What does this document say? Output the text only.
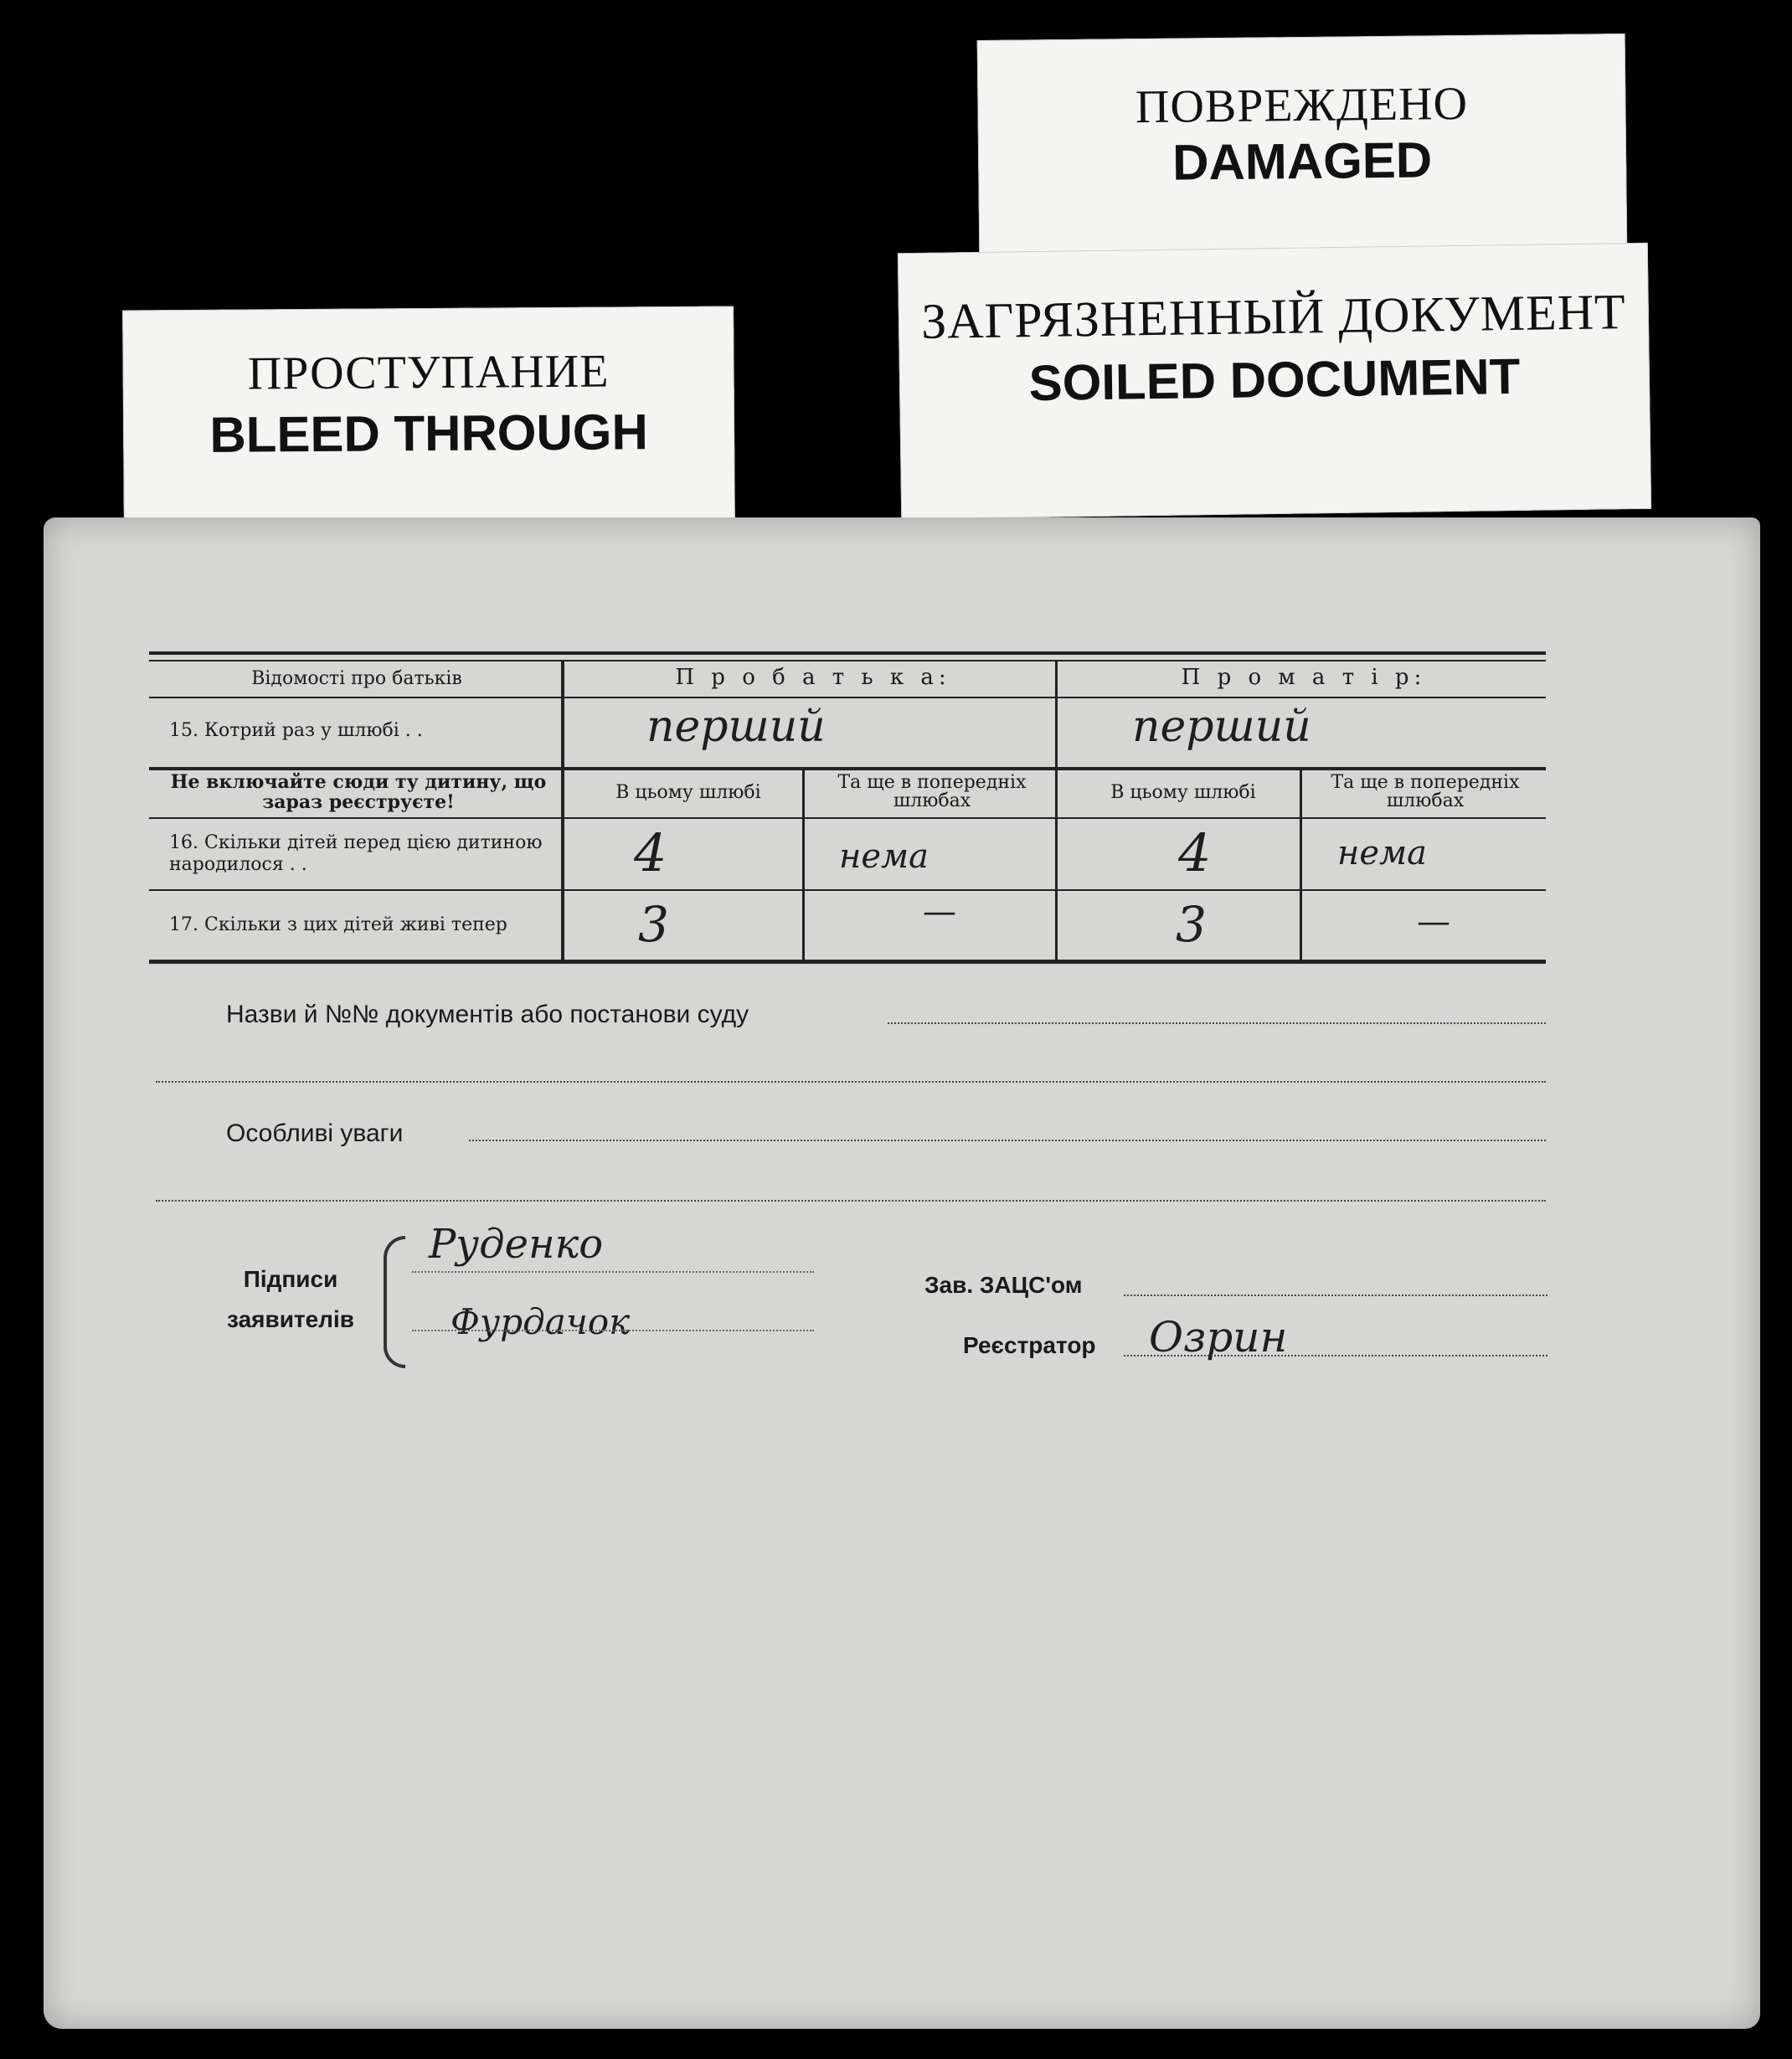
ПОВРЕЖДЕНО
DAMAGED
ЗАГРЯЗНЕННЫЙ ДОКУМЕНТ
SOILED DOCUMENT
ПРОСТУПАНИЕ
BLEED THROUGH
Відомості про батьків	П р о б а т ь к а:	П р о м а т і р:
15. Котрий раз у шлюбі . .	перший	перший
Не включайте сюди ту дитину, що зараз реєструєте!	В цьому шлюбі	Та ще в попередніх шлюбах	В цьому шлюбі	Та ще в попередніх шлюбах
16. Скільки дітей перед цією дитиною народилося . .	4	нема	4	нема
17. Скільки з цих дітей живі тепер	3	—	3	—
Назви й №№ документів або постанови суду
Особливі уваги
Підписи заявителів
Руденко
Фурдачок
Зав. ЗАЦС'ом
Реєстратор Озрин
